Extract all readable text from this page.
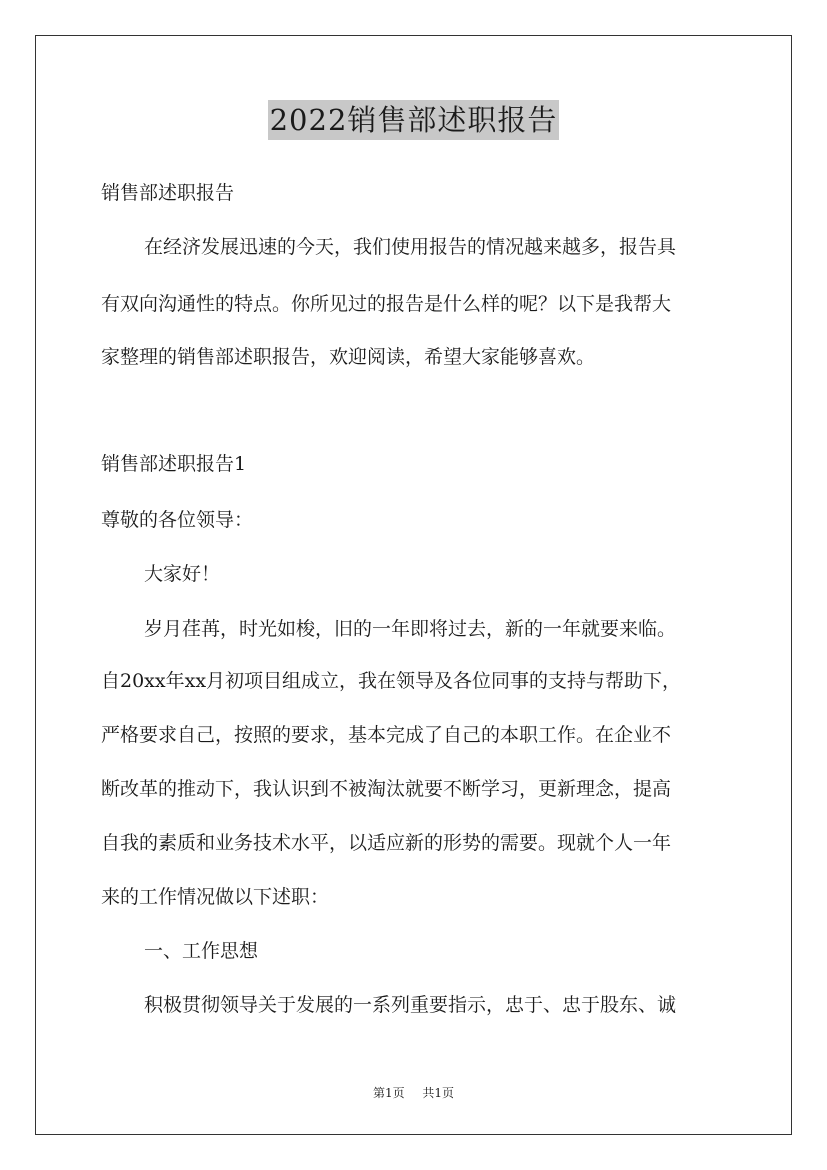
2022销售部述职报告
销售部述职报告
在经济发展迅速的今天，我们使用报告的情况越来越多，报告具
有双向沟通性的特点。你所见过的报告是什么样的呢？以下是我帮大
家整理的销售部述职报告，欢迎阅读，希望大家能够喜欢。
销售部述职报告1
尊敬的各位领导：
大家好！
岁月荏苒，时光如梭，旧的一年即将过去，新的一年就要来临。
自20xx年xx月初项目组成立，我在领导及各位同事的支持与帮助下，
严格要求自己，按照的要求，基本完成了自己的本职工作。在企业不
断改革的推动下，我认识到不被淘汰就要不断学习，更新理念，提高
自我的素质和业务技术水平，以适应新的形势的需要。现就个人一年
来的工作情况做以下述职：
一、工作思想
积极贯彻领导关于发展的一系列重要指示，忠于、忠于股东、诚
第1页 共1页
